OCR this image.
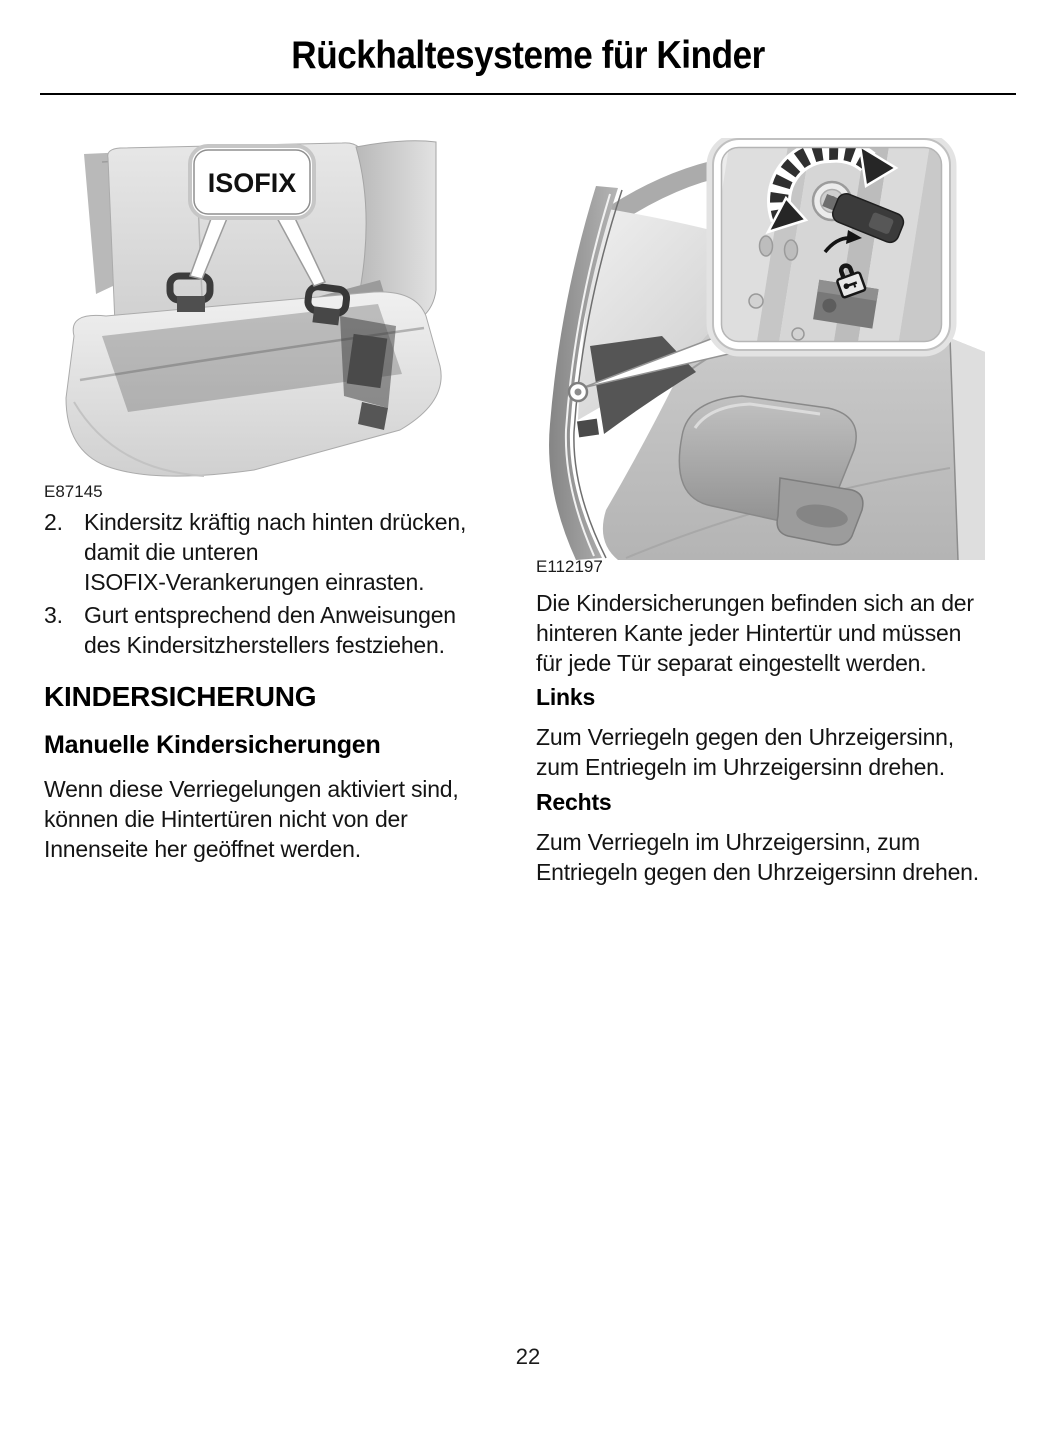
Rückhaltesysteme für Kinder
ISOFIX
E87145
2. Kindersitz kräftig nach hinten drücken,
damit die unteren
ISOFIX-Verankerungen einrasten.
3. Gurt entsprechend den Anweisungen
des Kindersitzherstellers festziehen.
KINDERSICHERUNG
Manuelle Kindersicherungen
Wenn diese Verriegelungen aktiviert sind,
können die Hintertüren nicht von der
Innenseite her geöffnet werden.
E112197
Die Kindersicherungen befinden sich an der
hinteren Kante jeder Hintertür und müssen
für jede Tür separat eingestellt werden.
Links
Zum Verriegeln gegen den Uhrzeigersinn,
zum Entriegeln im Uhrzeigersinn drehen.
Rechts
Zum Verriegeln im Uhrzeigersinn, zum
Entriegeln gegen den Uhrzeigersinn drehen.
22
